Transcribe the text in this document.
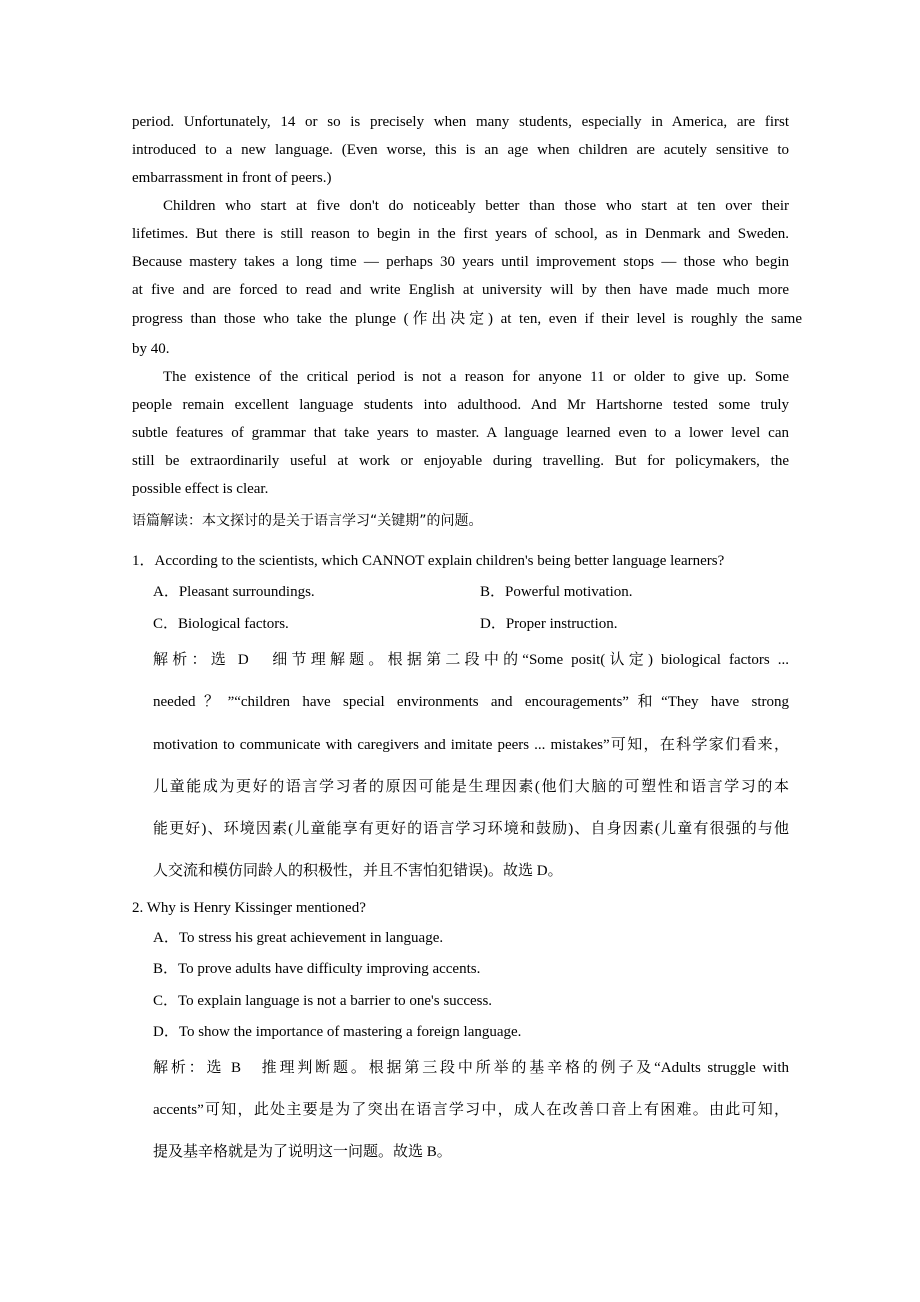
period. Unfortunately, 14 or so is precisely when many students, especially in America, are first
introduced to a new language. (Even worse, this is an age when children are acutely sensitive to
embarrassment in front of peers.)
Children who start at five don't do noticeably better than those who start at ten over their
lifetimes. But there is still reason to begin in the first years of school, as in Denmark and Sweden.
Because mastery takes a long time — perhaps 30 years until improvement stops — those who begin
at five and are forced to read and write English at university will by then have made much more
progress than those who take the plunge (作出决定) at ten, even if their level is roughly the same
by 40.
The existence of the critical period is not a reason for anyone 11 or older to give up. Some
people remain excellent language students into adulthood. And Mr Hartshorne tested some truly
subtle features of grammar that take years to master. A language learned even to a lower level can
still be extraordinarily useful at work or enjoyable during travelling. But for policymakers, the
possible effect is clear.
语篇解读：本文探讨的是关于语言学习“关键期”的问题。
1．According to the scientists, which CANNOT explain children's being better language learners?
A．Pleasant surroundings.	B．Powerful motivation.
C．Biological factors.	D．Proper instruction.
解析：选 D　细节理解题。根据第二段中的“Some posit(认定) biological factors ...
needed？”“children have special environments and encouragements”和“They have strong
motivation to communicate with caregivers and imitate peers ... mistakes”可知，在科学家们看来，
儿童能成为更好的语言学习者的原因可能是生理因素(他们大脑的可塑性和语言学习的本
能更好)、环境因素(儿童能享有更好的语言学习环境和鼓励)、自身因素(儿童有很强的与他
人交流和模仿同龄人的积极性，并且不害怕犯错误)。故选 D。
2. Why is Henry Kissinger mentioned?
A．To stress his great achievement in language.
B．To prove adults have difficulty improving accents.
C．To explain language is not a barrier to one's success.
D．To show the importance of mastering a foreign language.
解析：选 B　推理判断题。根据第三段中所举的基辛格的例子及“Adults struggle with
accents”可知，此处主要是为了突出在语言学习中，成人在改善口音上有困难。由此可知，
提及基辛格就是为了说明这一问题。故选 B。
